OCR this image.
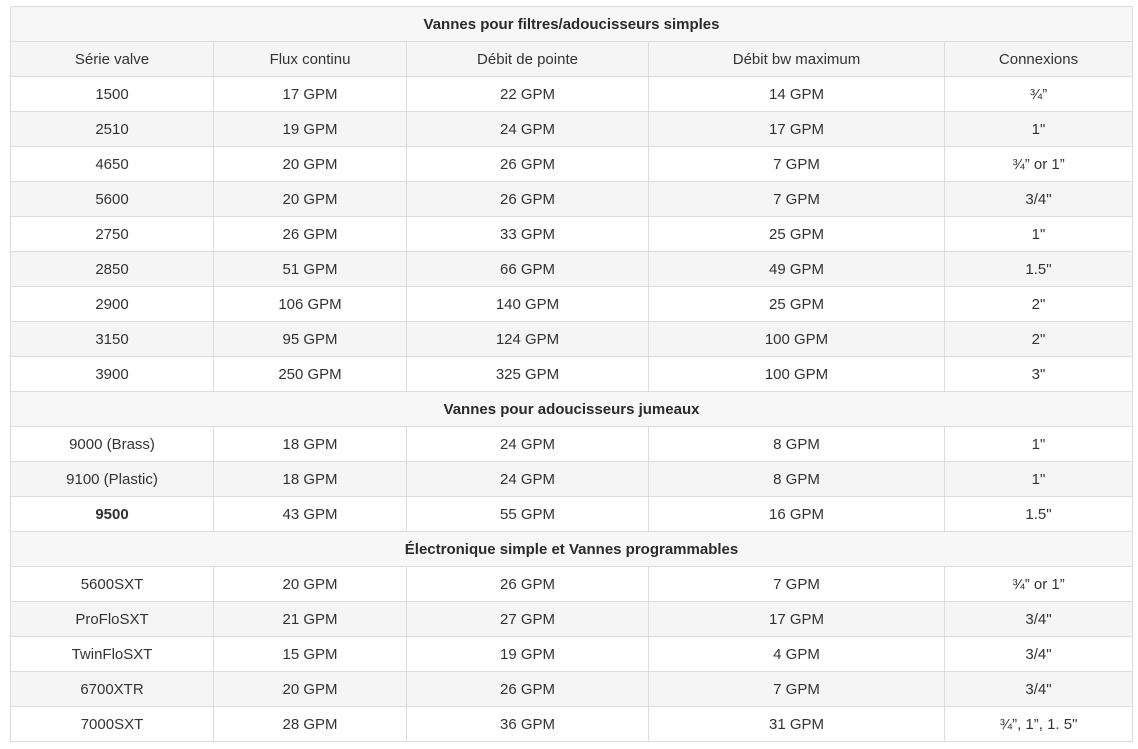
Vannes pour filtres/adoucisseurs simples				
Série valve	Flux continu	Débit de pointe	Débit bw maximum	Connexions
1500	17 GPM	22 GPM	14 GPM	¾”
2510	19 GPM	24 GPM	17 GPM	1"
4650	20 GPM	26 GPM	7 GPM	¾” or 1”
5600	20 GPM	26 GPM	7 GPM	3/4"
2750	26 GPM	33 GPM	25 GPM	1"
2850	51 GPM	66 GPM	49 GPM	1.5"
2900	106 GPM	140 GPM	25 GPM	2"
3150	95 GPM	124 GPM	100 GPM	2"
3900	250 GPM	325 GPM	100 GPM	3"
Vannes pour adoucisseurs jumeaux				
9000 (Brass)	18 GPM	24 GPM	8 GPM	1"
9100 (Plastic)	18 GPM	24 GPM	8 GPM	1"
9500	43 GPM	55 GPM	16 GPM	1.5"
Électronique simple et Vannes programmables				
5600SXT	20 GPM	26 GPM	7 GPM	¾” or 1”
ProFloSXT	21 GPM	27 GPM	17 GPM	3/4"
TwinFloSXT	15 GPM	19 GPM	4 GPM	3/4"
6700XTR	20 GPM	26 GPM	7 GPM	3/4"
7000SXT	28 GPM	36 GPM	31 GPM	¾”, 1”, 1. 5"
